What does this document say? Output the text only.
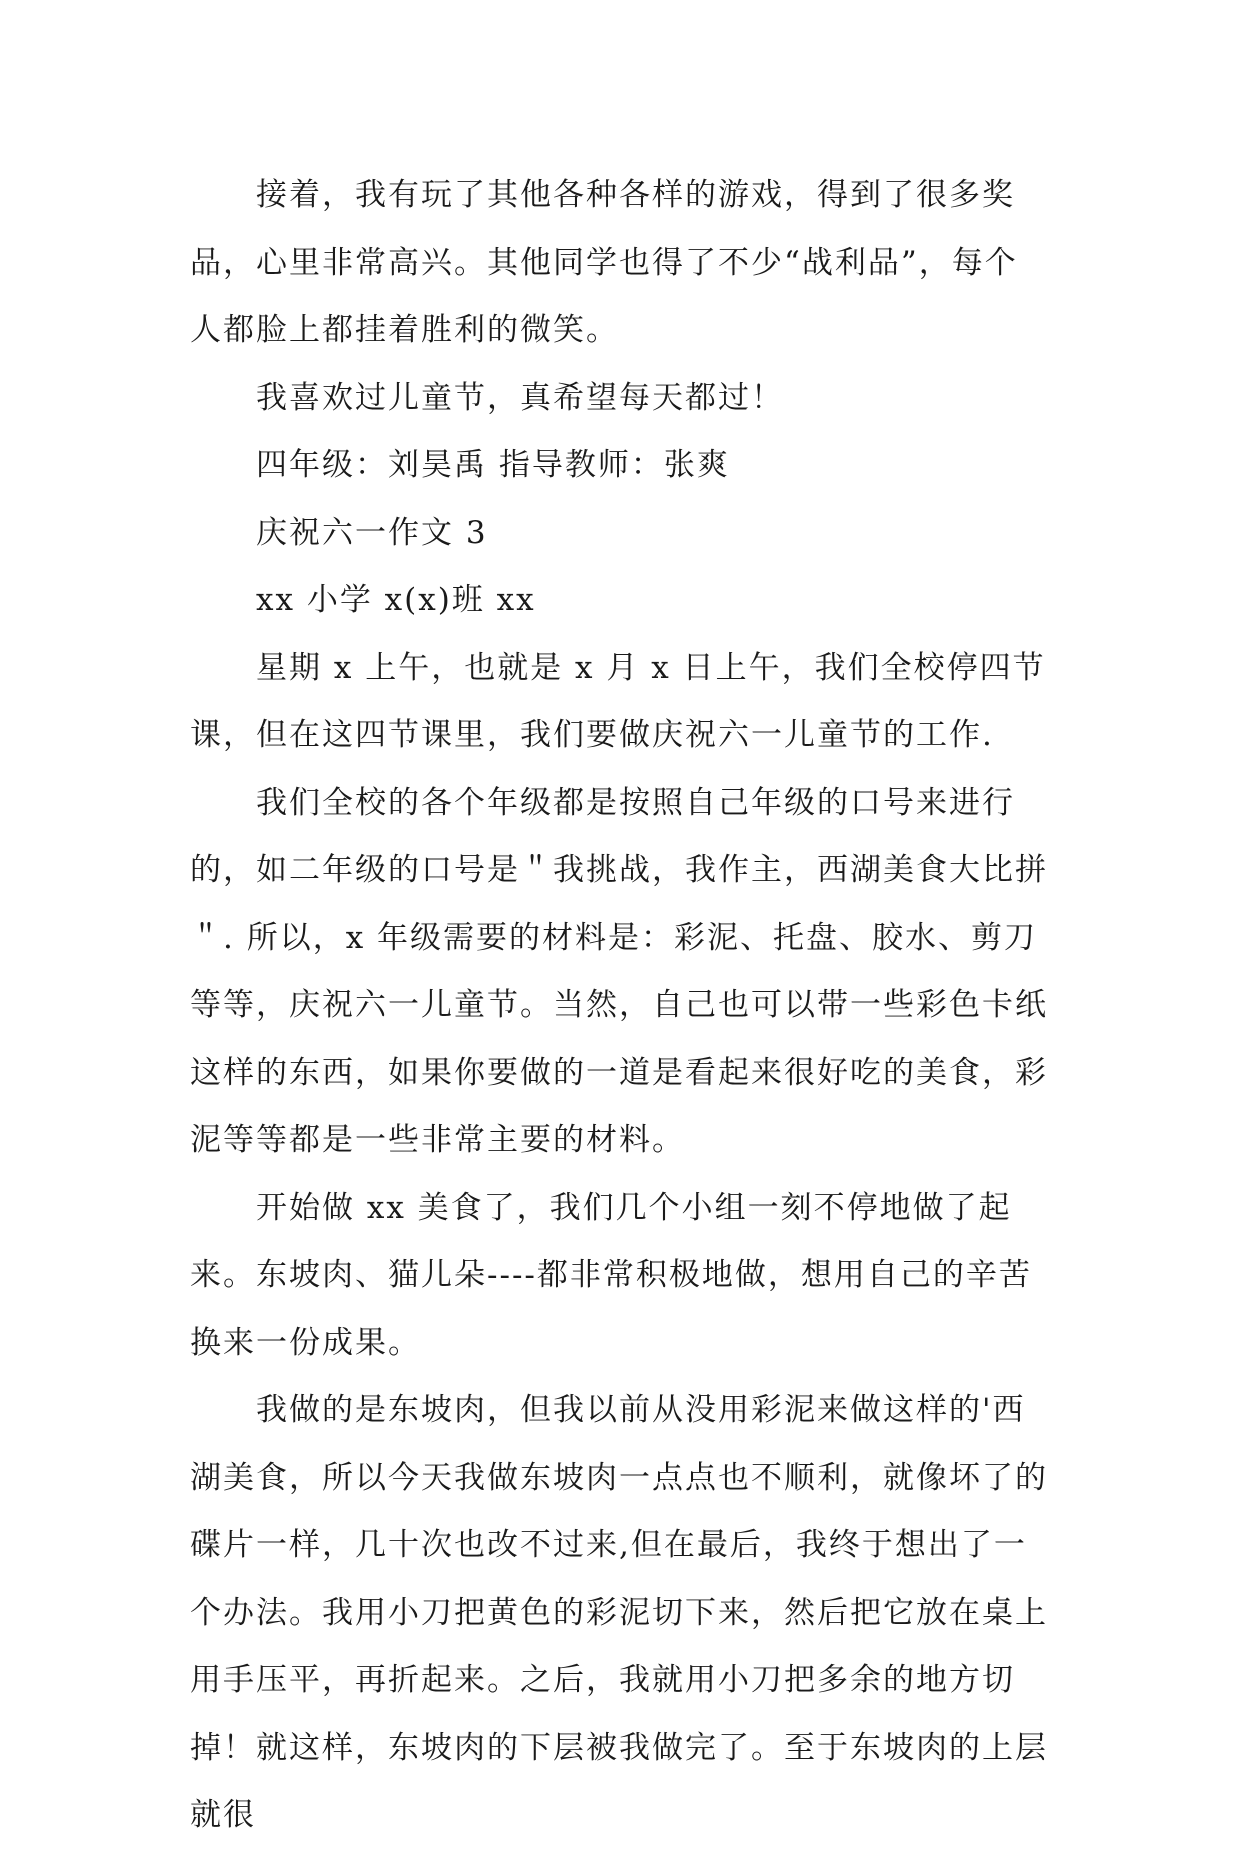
接着，我有玩了其他各种各样的游戏，得到了很多奖品，心里非常高兴。其他同学也得了不少“战利品”，每个人都脸上都挂着胜利的微笑。

我喜欢过儿童节，真希望每天都过！

四年级：刘昊禹 指导教师：张爽

庆祝六一作文 3

xx 小学 x(x)班 xx

星期 x 上午，也就是 x 月 x 日上午，我们全校停四节课，但在这四节课里，我们要做庆祝六一儿童节的工作.

我们全校的各个年级都是按照自己年级的口号来进行的，如二年级的口号是＂我挑战，我作主，西湖美食大比拼＂. 所以，x 年级需要的材料是：彩泥、托盘、胶水、剪刀等等，庆祝六一儿童节。当然，自己也可以带一些彩色卡纸这样的东西，如果你要做的一道是看起来很好吃的美食，彩泥等等都是一些非常主要的材料。

开始做 xx 美食了，我们几个小组一刻不停地做了起来。东坡肉、猫儿朵----都非常积极地做，想用自己的辛苦换来一份成果。

我做的是东坡肉，但我以前从没用彩泥来做这样的'西湖美食，所以今天我做东坡肉一点点也不顺利，就像坏了的碟片一样，几十次也改不过来,但在最后，我终于想出了一个办法。我用小刀把黄色的彩泥切下来，然后把它放在桌上用手压平，再折起来。之后，我就用小刀把多余的地方切掉！就这样，东坡肉的下层被我做完了。至于东坡肉的上层就很
